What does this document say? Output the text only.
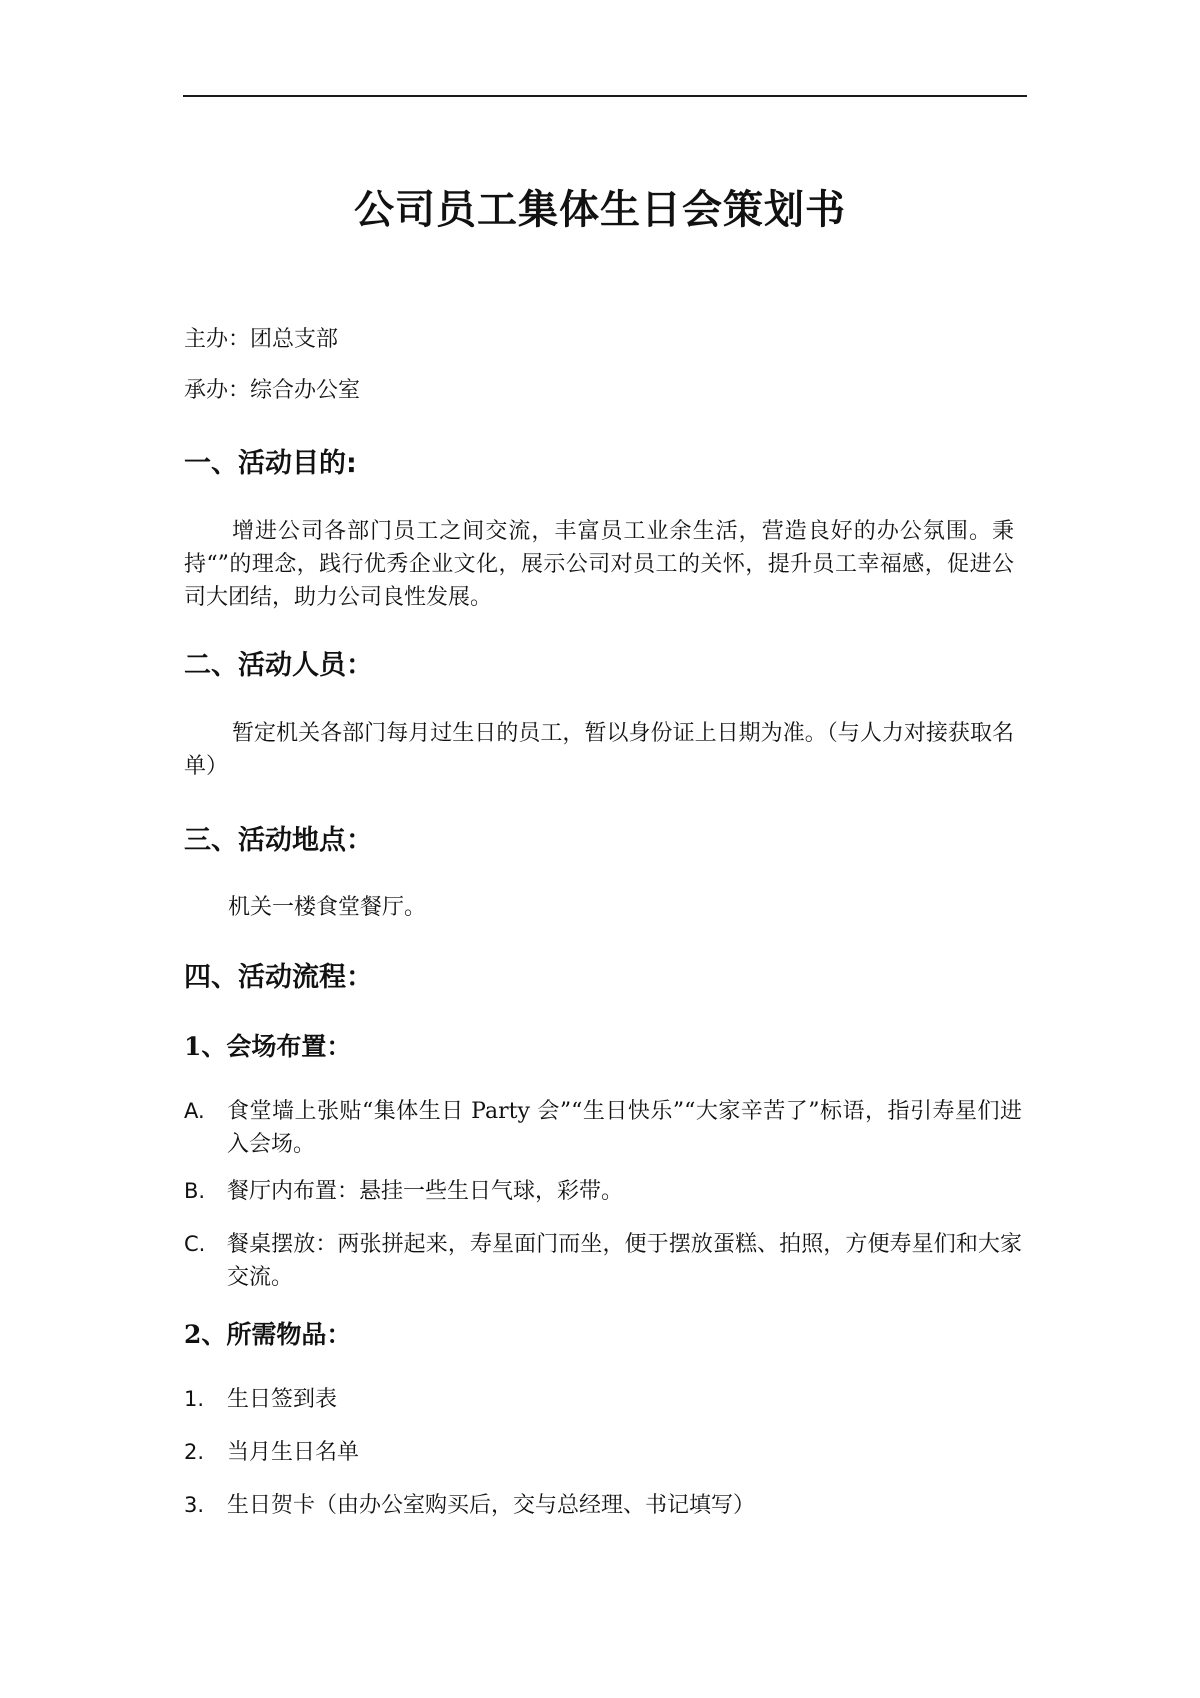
公司员工集体生日会策划书
主办：团总支部
承办：综合办公室
一、活动目的:
增进公司各部门员工之间交流，丰富员工业余生活，营造良好的办公氛围。秉持“”的理念，践行优秀企业文化，展示公司对员工的关怀，提升员工幸福感，促进公司大团结，助力公司良性发展。
二、活动人员：
暂定机关各部门每月过生日的员工，暂以身份证上日期为准。（与人力对接获取名单）
三、活动地点：
机关一楼食堂餐厅。
四、活动流程：
1、会场布置：
A.	食堂墙上张贴“集体生日 Party 会”“生日快乐”“大家辛苦了”标语，指引寿星们进入会场。
B. 餐厅内布置：悬挂一些生日气球，彩带。
C. 餐桌摆放：两张拼起来，寿星面门而坐，便于摆放蛋糕、拍照，方便寿星们和大家交流。
2、所需物品：
1.	生日签到表
2.	当月生日名单
3.	生日贺卡（由办公室购买后，交与总经理、书记填写）
